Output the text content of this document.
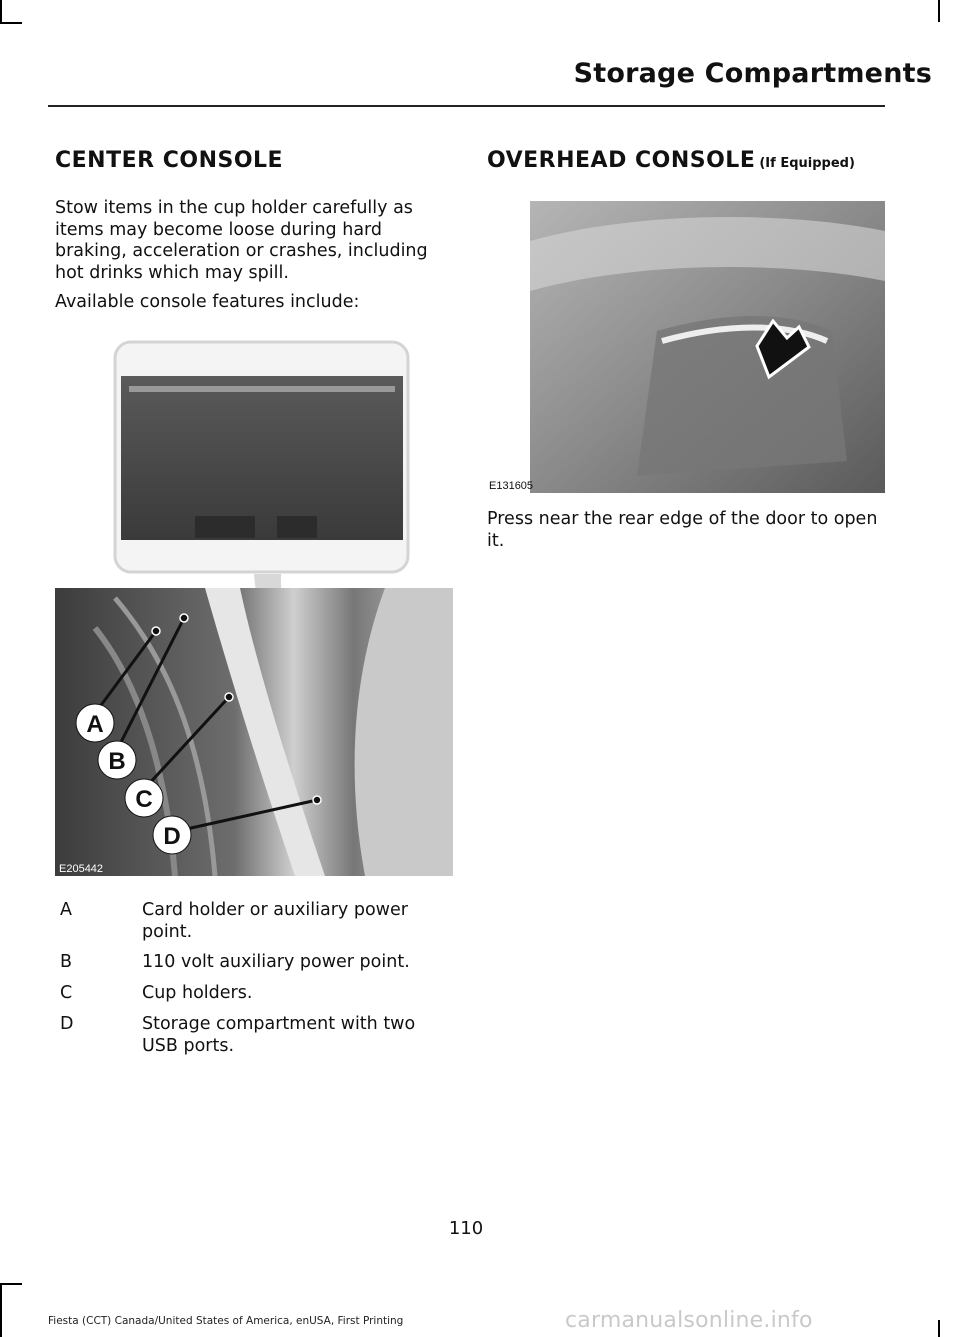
Storage Compartments
CENTER CONSOLE
Stow items in the cup holder carefully as items may become loose during hard braking, acceleration or crashes, including hot drinks which may spill.
Available console features include:
A
B
C
D
E205442
A	Card holder or auxiliary power point.
B	110 volt auxiliary power point.
C	Cup holders.
D	Storage compartment with two USB ports.
OVERHEAD CONSOLE (If Equipped)
E131605
Press near the rear edge of the door to open it.
110
Fiesta (CCT) Canada/United States of America, enUSA, First Printing	carmanualsonline.info
